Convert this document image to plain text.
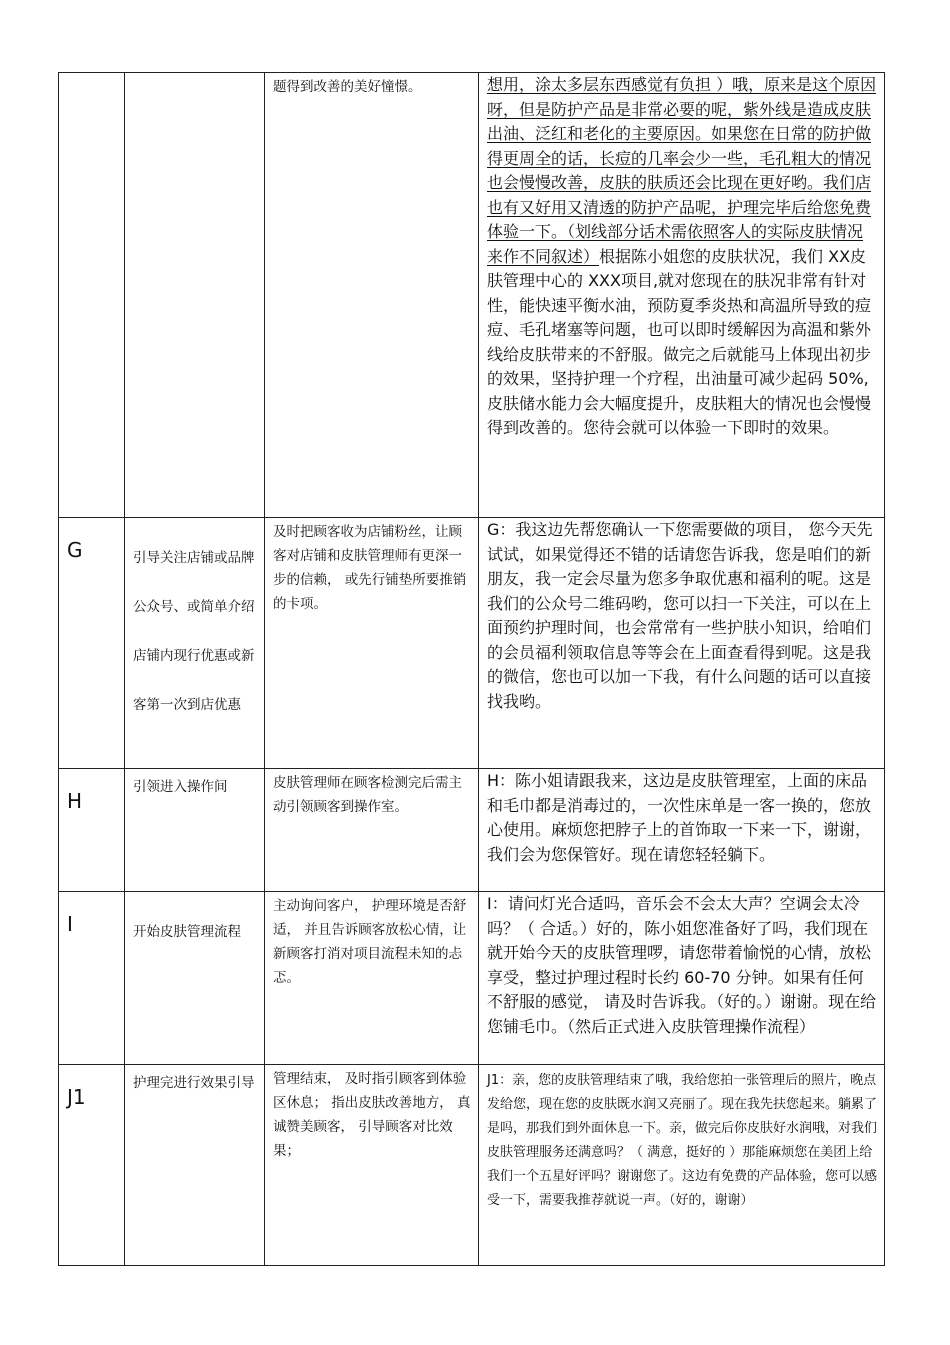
		题得到改善的美好憧憬。	想用，涂太多层东西感觉有负担 ）哦，原来是这个原因呀，但是防护产品是非常必要的呢，紫外线是造成皮肤出油、泛红和老化的主要原因。如果您在日常的防护做得更周全的话，长痘的几率会少一些，毛孔粗大的情况也会慢慢改善，皮肤的肤质还会比现在更好哟。我们店也有又好用又清透的防护产品呢，护理完毕后给您免费体验一下。（划线部分话术需依照客人的实际皮肤情况来作不同叙述）根据陈小姐您的皮肤状况，我们 XX皮肤管理中心的 XXX项目,就对您现在的肤况非常有针对性，能快速平衡水油，预防夏季炎热和高温所导致的痘痘、毛孔堵塞等问题，也可以即时缓解因为高温和紫外线给皮肤带来的不舒服。做完之后就能马上体现出初步的效果，坚持护理一个疗程，出油量可减少起码 50%, 皮肤储水能力会大幅度提升，皮肤粗大的情况也会慢慢得到改善的。您待会就可以体验一下即时的效果。

G	引导关注店铺或品牌公众号、或简单介绍店铺内现行优惠或新客第一次到店优惠	及时把顾客收为店铺粉丝，让顾客对店铺和皮肤管理师有更深一步的信赖， 或先行铺垫所要推销的卡项。	G：我这边先帮您确认一下您需要做的项目， 您今天先试试，如果觉得还不错的话请您告诉我，您是咱们的新朋友，我一定会尽量为您多争取优惠和福利的呢。这是我们的公众号二维码哟，您可以扫一下关注，可以在上面预约护理时间，也会常常有一些护肤小知识，给咱们的会员福利领取信息等等会在上面查看得到呢。这是我的微信，您也可以加一下我，有什么问题的话可以直接找我哟。

H	引领进入操作间	皮肤管理师在顾客检测完后需主动引领顾客到操作室。	H：陈小姐请跟我来，这边是皮肤管理室，上面的床品和毛巾都是消毒过的，一次性床单是一客一换的，您放心使用。麻烦您把脖子上的首饰取一下来一下，谢谢，我们会为您保管好。现在请您轻轻躺下。

I	开始皮肤管理流程	主动询问客户， 护理环境是否舒适， 并且告诉顾客放松心情，让新顾客打消对项目流程未知的忐忑。	I：请问灯光合适吗，音乐会不会太大声？空调会太冷吗？（ 合适。）好的，陈小姐您准备好了吗，我们现在就开始今天的皮肤管理啰，请您带着愉悦的心情，放松享受，整过护理过程时长约 60-70 分钟。如果有任何不舒服的感觉， 请及时告诉我。（好的。）谢谢。现在给您铺毛巾。（然后正式进入皮肤管理操作流程）

J1	护理完进行效果引导	管理结束， 及时指引顾客到体验区休息； 指出皮肤改善地方， 真诚赞美顾客， 引导顾客对比效果；	J1：亲，您的皮肤管理结束了哦，我给您拍一张管理后的照片，晚点发给您，现在您的皮肤既水润又亮丽了。现在我先扶您起来。躺累了是吗，那我们到外面休息一下。亲，做完后你皮肤好水润哦，对我们皮肤管理服务还满意吗？（ 满意，挺好的 ）那能麻烦您在美团上给我们一个五星好评吗？谢谢您了。这边有免费的产品体验，您可以感受一下，需要我推荐就说一声。（好的，谢谢）
